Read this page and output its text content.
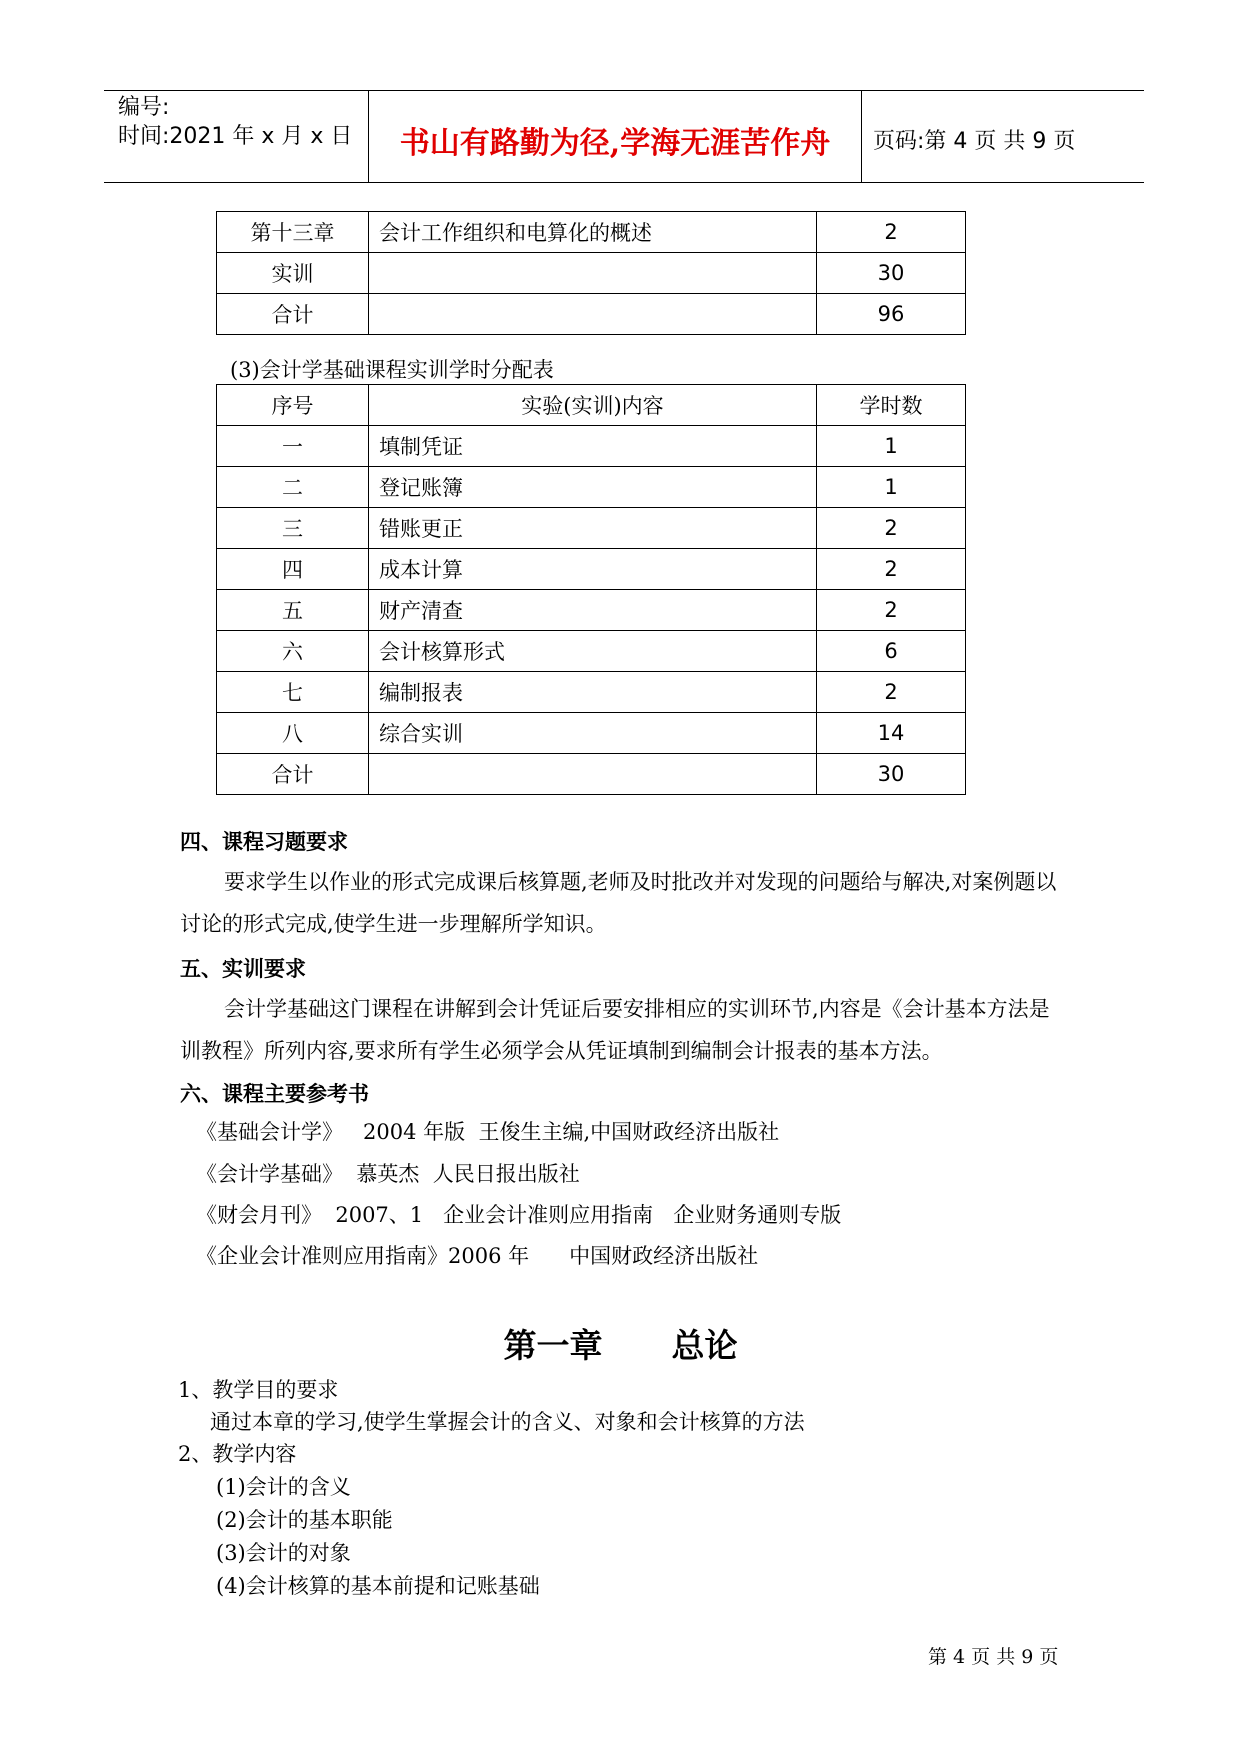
编号:
时间:2021 年 x 月 x 日	书山有路勤为径,学海无涯苦作舟	页码:第 4 页 共 9 页
第十三章	会计工作组织和电算化的概述	2
实训		30
合计		96
(3)会计学基础课程实训学时分配表
序号	实验(实训)内容	学时数
一	填制凭证	1
二	登记账簿	1
三	错账更正	2
四	成本计算	2
五	财产清查	2
六	会计核算形式	6
七	编制报表	2
八	综合实训	14
合计		30
四、课程习题要求
要求学生以作业的形式完成课后核算题,老师及时批改并对发现的问题给与解决,对案例题以讨论的形式完成,使学生进一步理解所学知识。
五、实训要求
会计学基础这门课程在讲解到会计凭证后要安排相应的实训环节,内容是《会计基本方法是训教程》所列内容,要求所有学生必须学会从凭证填制到编制会计报表的基本方法。
六、课程主要参考书
《基础会计学》   2004 年版  王俊生主编,中国财政经济出版社
《会计学基础》  慕英杰  人民日报出版社
《财会月刊》  2007、1   企业会计准则应用指南   企业财务通则专版
《企业会计准则应用指南》2006 年      中国财政经济出版社
第一章      总论
1、教学目的要求
通过本章的学习,使学生掌握会计的含义、对象和会计核算的方法
2、教学内容
(1)会计的含义
(2)会计的基本职能
(3)会计的对象
(4)会计核算的基本前提和记账基础
第 4 页 共 9 页
